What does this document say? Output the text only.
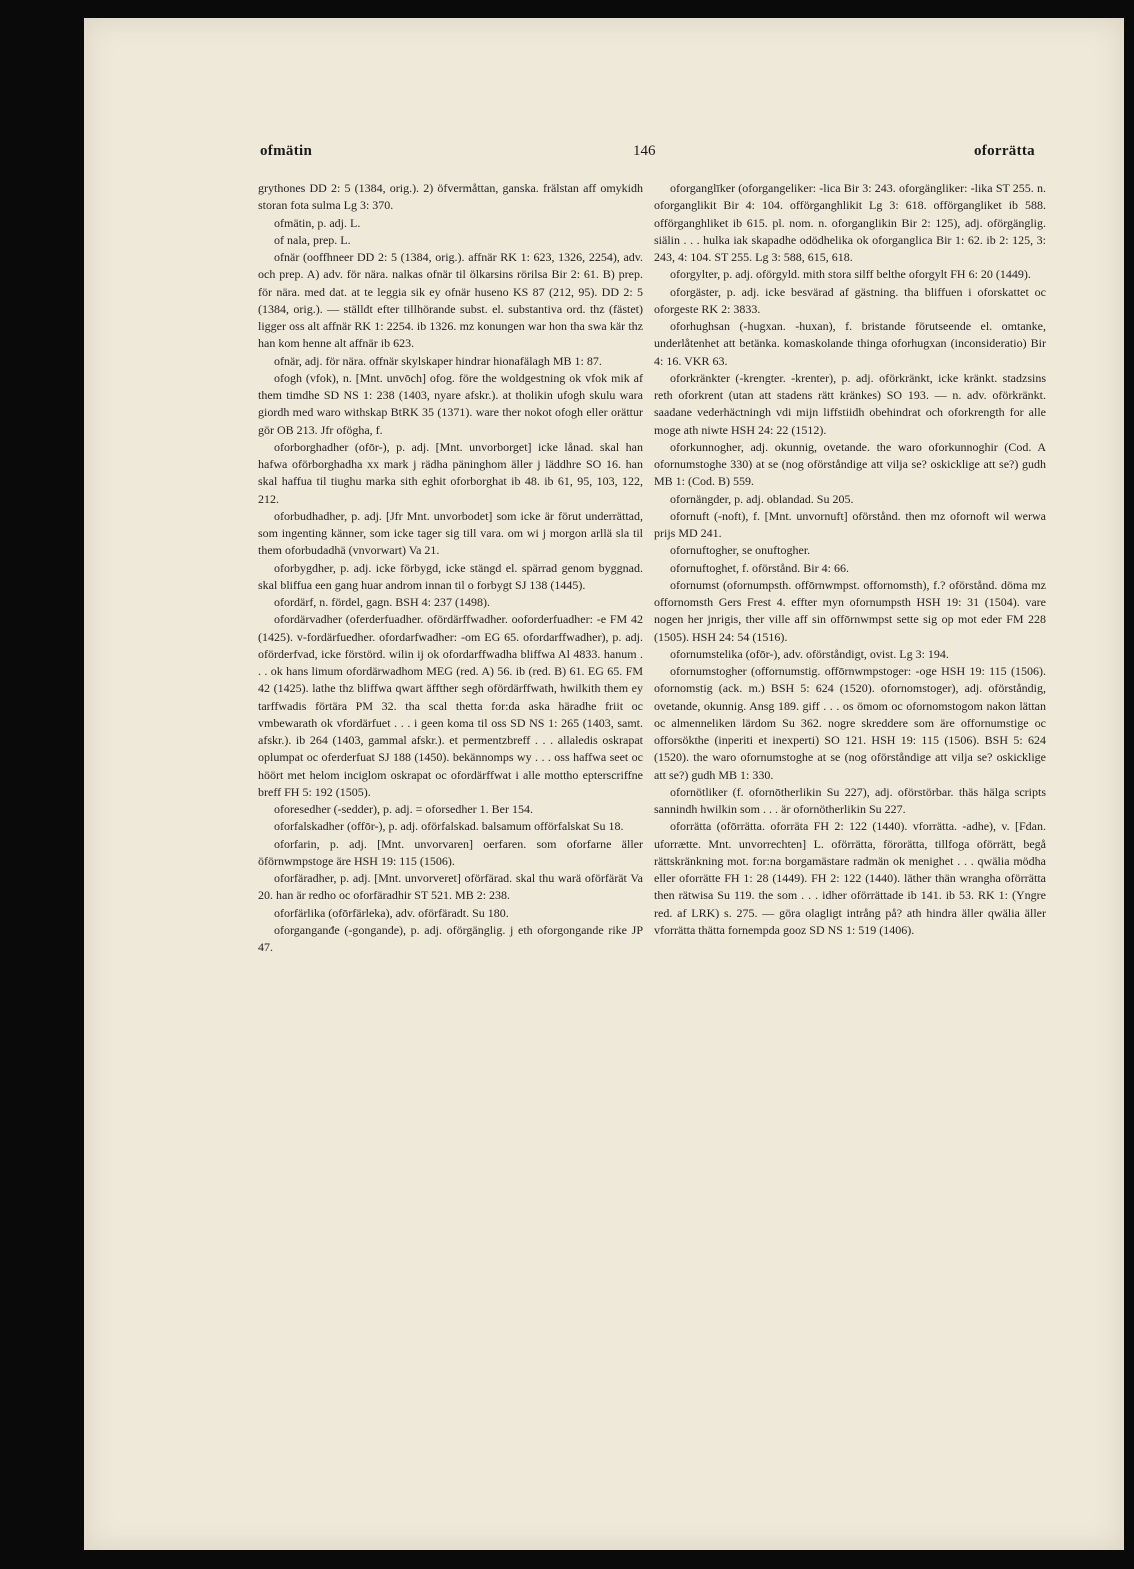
ofmätin	146	oforrätta

grythones DD 2: 5 (1384, orig.). 2) öfvermåttan, ganska. frälstan aff omykidh storan fota sulma Lg 3: 370.

ofmätin, p. adj. L.

of nala, prep. L.

ofnär (ooffhneer DD 2: 5 (1384, orig.). affnär RK 1: 623, 1326, 2254), adv. och prep. A) adv. för nära. nalkas ofnär til ölkarsins rörilsa Bir 2: 61. B) prep. för nära. med dat. at te leggia sik ey ofnär huseno KS 87 (212, 95). DD 2: 5 (1384, orig.). — ställdt efter tillhörande subst. el. substantiva ord. thz (fästet) ligger oss alt affnär RK 1: 2254. ib 1326. mz konungen war hon tha swa kär thz han kom henne alt affnär ib 623.

ofnär, adj. för nära. offnär skylskaper hindrar hionafälagh MB 1: 87.

ofogh (vfok), n. [Mnt. unvōch] ofog. före the woldgestning ok vfok mik af them timdhe SD NS 1: 238 (1403, nyare afskr.). at tholikin ufogh skulu wara giordh med waro withskap BtRK 35 (1371). ware ther nokot ofogh eller orättur gör OB 213. Jfr ofögha, f.

oforborghadher (ofōr-), p. adj. [Mnt. unvorborget] icke lånad. skal han hafwa oförborghadha xx mark j rädha päninghom äller j läddhre SO 16. han skal haffua til tiughu marka sith eghit oforborghat ib 48. ib 61, 95, 103, 122, 212.

oforbudhadher, p. adj. [Jfr Mnt. unvorbodet] som icke är förut underrättad, som ingenting känner, som icke tager sig till vara. om wi j morgon arllä sla til them oforbudadhä (vnvorwart) Va 21.

oforbygdher, p. adj. icke förbygd, icke stängd el. spärrad genom byggnad. skal bliffua een gang huar androm innan til o forbygt SJ 138 (1445).

ofordärf, n. fördel, gagn. BSH 4: 237 (1498).

ofordärvadher (oferderfuadher. ofördärffwadher. ooforderfuadher: -e FM 42 (1425). v-fordärfuedher. ofordarfwadher: -om EG 65. ofordarffwadher), p. adj. oförderfvad, icke förstörd. wilin ij ok ofordarffwadha bliffwa Al 4833. hanum . . . ok hans limum ofordärwadhom MEG (red. A) 56. ib (red. B) 61. EG 65. FM 42 (1425). lathe thz bliffwa qwart äffther segh ofördärffwath, hwilkith them ey tarffwadis förtära PM 32. tha scal thetta for:da aska häradhe friit oc vmbewarath ok vfordärfuet . . . i geen koma til oss SD NS 1: 265 (1403, samt. afskr.). ib 264 (1403, gammal afskr.). et permentzbreff . . . allaledis oskrapat oplumpat oc oferderfuat SJ 188 (1450). bekännomps wy . . . oss haffwa seet oc höört met helom inciglom oskrapat oc ofordärffwat i alle mottho epterscriffne breff FH 5: 192 (1505).

oforesedher (-sedder), p. adj. = oforsedher 1. Ber 154.

oforfalskadher (offōr-), p. adj. oförfalskad. balsamum offörfalskat Su 18.

oforfarin, p. adj. [Mnt. unvorvaren] oerfaren. som oforfarne äller öförnwmpstoge äre HSH 19: 115 (1506).

oforfäradher, p. adj. [Mnt. unvorveret] oförfärad. skal thu warä oförfärät Va 20. han är redho oc oforfäradhir ST 521. MB 2: 238.

oforfärlika (ofōrfärleka), adv. oförfäradt. Su 180.

oforganganđe (-gongande), p. adj. oförgänglig. j eth oforgongande rike JP 47.

oforganglīker (oforgangeliker: -lica Bir 3: 243. oforgängliker: -lika ST 255. n. oforganglikit Bir 4: 104. offörganghlikit Lg 3: 618. offörgangliket ib 588. offörganghliket ib 615. pl. nom. n. oforganglikin Bir 2: 125), adj. oförgänglig. siälin . . . hulka iak skapadhe odödhelika ok oforganglica Bir 1: 62. ib 2: 125, 3: 243, 4: 104. ST 255. Lg 3: 588, 615, 618.

oforgylter, p. adj. oförgyld. mith stora silff belthe oforgylt FH 6: 20 (1449).

oforgäster, p. adj. icke besvärad af gästning. tha bliffuen i oforskattet oc oforgeste RK 2: 3833.

oforhughsan (-hugxan. -huxan), f. bristande förutseende el. omtanke, underlåtenhet att betänka. komaskolande thinga oforhugxan (inconsideratio) Bir 4: 16. VKR 63.

oforkränkter (-krengter. -krenter), p. adj. oförkränkt, icke kränkt. stadzsins reth oforkrent (utan att stadens rätt kränkes) SO 193. — n. adv. oförkränkt. saadane vederhäctningh vdi mijn liffstiidh obehindrat och oforkrength for alle moge ath niwte HSH 24: 22 (1512).

oforkunnogher, adj. okunnig, ovetande. the waro oforkunnoghir (Cod. A ofornumstoghe 330) at se (nog oförståndige att vilja se? oskicklige att se?) gudh MB 1: (Cod. B) 559.

ofornängder, p. adj. oblandad. Su 205.

ofornuft (-noft), f. [Mnt. unvornuft] oförstånd. then mz ofornoft wil werwa prijs MD 241.

ofornuftogher, se onuftogher.

ofornuftoghet, f. oförstånd. Bir 4: 66.

ofornumst (ofornumpsth. offōrnwmpst. offornomsth), f.? oförstånd. döma mz offornomsth Gers Frest 4. effter myn ofornumpsth HSH 19: 31 (1504). vare nogen her jnrigis, ther ville aff sin offōrnwmpst sette sig op mot eder FM 228 (1505). HSH 24: 54 (1516).

ofornumstelika (ofōr-), adv. oförståndigt, ovist. Lg 3: 194.

ofornumstogher (offornumstig. offōrnwmpstoger: -oge HSH 19: 115 (1506). ofornomstig (ack. m.) BSH 5: 624 (1520). ofornomstoger), adj. oförståndig, ovetande, okunnig. Ansg 189. giff . . . os ömom oc ofornomstogom nakon lättan oc almenneliken lärdom Su 362. nogre skreddere som äre offornumstige oc offorsökthe (inperiti et inexperti) SO 121. HSH 19: 115 (1506). BSH 5: 624 (1520). the waro ofornumstoghe at se (nog oförståndige att vilja se? oskicklige att se?) gudh MB 1: 330.

ofornötliker (f. ofornōtherlikin Su 227), adj. oförstörbar. thäs hälga scripts sannindh hwilkin som . . . är ofornötherlikin Su 227.

oforrätta (ofōrrätta. oforräta FH 2: 122 (1440). vforrätta. -adhe), v. [Fdan. uforrætte. Mnt. unvorrechten] L. oförrätta, förorätta, tillfoga oförrätt, begå rättskränkning mot. for:na borgamästare radmän ok menighet . . . qwälia mödha eller oforrätte FH 1: 28 (1449). FH 2: 122 (1440). läther thän wrangha oförrätta then rätwisa Su 119. the som . . . idher oförrättade ib 141. ib 53. RK 1: (Yngre red. af LRK) s. 275. — göra olagligt intrång på? ath hindra äller qwälia äller vforrätta thätta fornempda gooz SD NS 1: 519 (1406).
